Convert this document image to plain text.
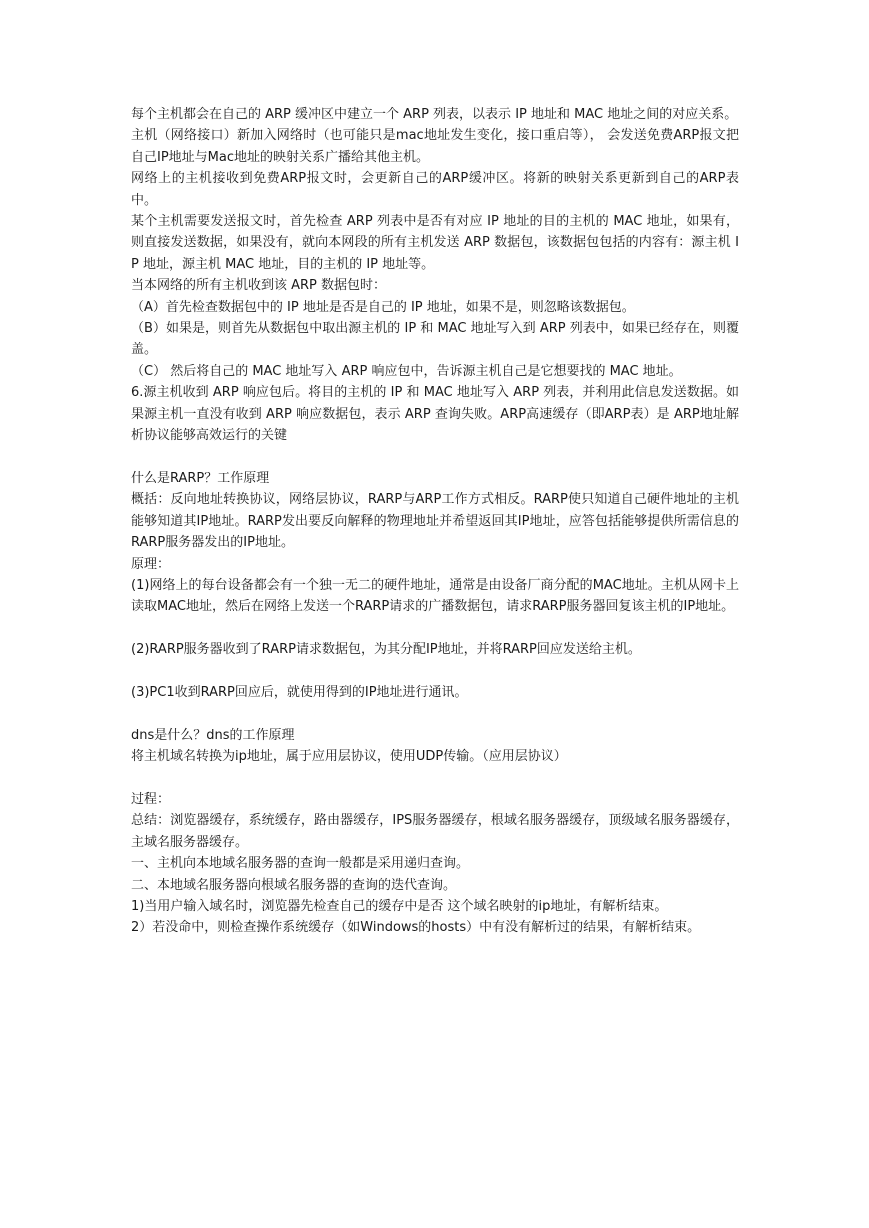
每个主机都会在自己的 ARP 缓冲区中建立一个 ARP 列表，以表示 IP 地址和 MAC 地址之间的对应关系。

主机（网络接口）新加入网络时（也可能只是mac地址发生变化，接口重启等）， 会发送免费ARP报文把自己IP地址与Mac地址的映射关系广播给其他主机。

网络上的主机接收到免费ARP报文时，会更新自己的ARP缓冲区。将新的映射关系更新到自己的ARP表中。

某个主机需要发送报文时，首先检查 ARP 列表中是否有对应 IP 地址的目的主机的 MAC 地址，如果有，则直接发送数据，如果没有，就向本网段的所有主机发送 ARP 数据包，该数据包包括的内容有：源主机 IP 地址，源主机 MAC 地址，目的主机的 IP 地址等。

当本网络的所有主机收到该 ARP 数据包时：

（A）首先检查数据包中的 IP 地址是否是自己的 IP 地址，如果不是，则忽略该数据包。

（B）如果是，则首先从数据包中取出源主机的 IP 和 MAC 地址写入到 ARP 列表中，如果已经存在，则覆盖。

（C） 然后将自己的 MAC 地址写入 ARP 响应包中，告诉源主机自己是它想要找的 MAC 地址。

6.源主机收到 ARP 响应包后。将目的主机的 IP 和 MAC 地址写入 ARP 列表，并利用此信息发送数据。如果源主机一直没有收到 ARP 响应数据包，表示 ARP 查询失败。ARP高速缓存（即ARP表）是 ARP地址解析协议能够高效运行的关键

什么是RARP？工作原理

概括：反向地址转换协议，网络层协议，RARP与ARP工作方式相反。RARP使只知道自己硬件地址的主机能够知道其IP地址。RARP发出要反向解释的物理地址并希望返回其IP地址，应答包括能够提供所需信息的RARP服务器发出的IP地址。

原理：

(1)网络上的每台设备都会有一个独一无二的硬件地址，通常是由设备厂商分配的MAC地址。主机从网卡上读取MAC地址，然后在网络上发送一个RARP请求的广播数据包，请求RARP服务器回复该主机的IP地址。

(2)RARP服务器收到了RARP请求数据包，为其分配IP地址，并将RARP回应发送给主机。

(3)PC1收到RARP回应后，就使用得到的IP地址进行通讯。

dns是什么？dns的工作原理

将主机域名转换为ip地址，属于应用层协议，使用UDP传输。（应用层协议）

过程：

总结：浏览器缓存，系统缓存，路由器缓存，IPS服务器缓存，根域名服务器缓存，顶级域名服务器缓存，主域名服务器缓存。

一、主机向本地域名服务器的查询一般都是采用递归查询。

二、本地域名服务器向根域名服务器的查询的迭代查询。

1)当用户输入域名时，浏览器先检查自己的缓存中是否 这个域名映射的ip地址，有解析结束。

2）若没命中，则检查操作系统缓存（如Windows的hosts）中有没有解析过的结果，有解析结束。
